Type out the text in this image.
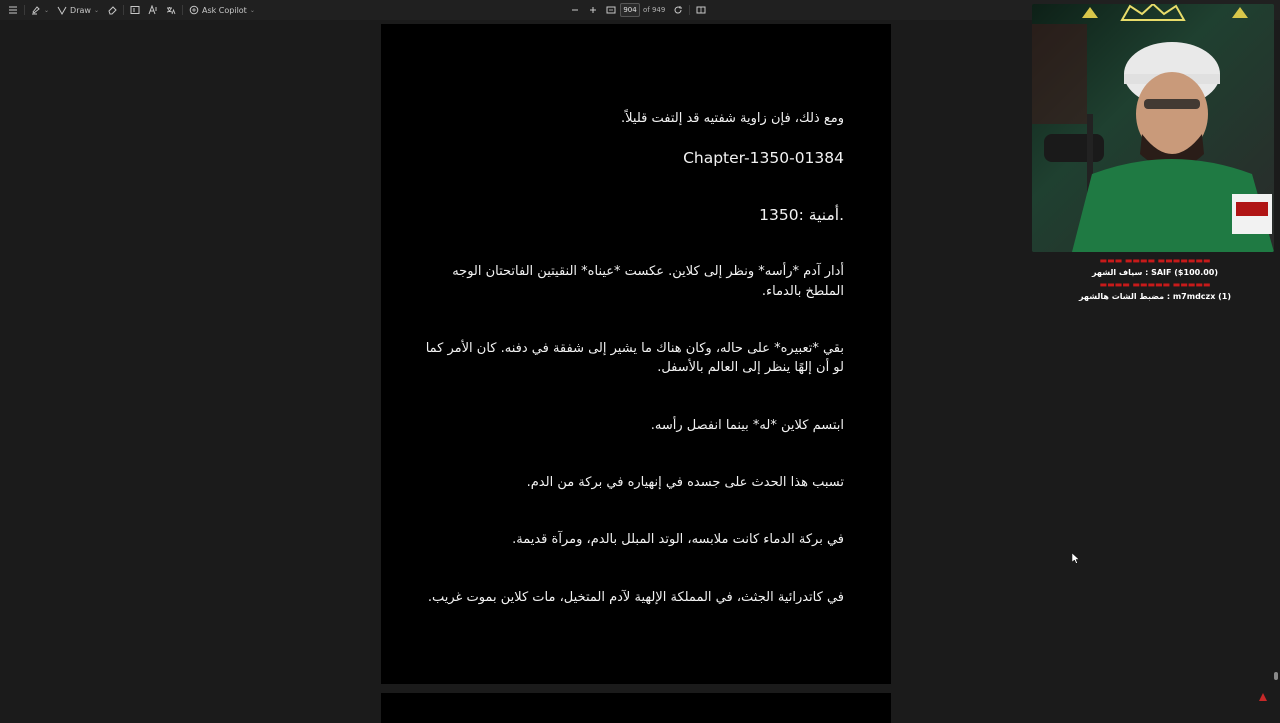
⌄	Draw ⌄	Ask Copilot ⌄	904 of 949
ومع ذلك، فإن زاوية شفتيه قد إلتفت قليلاً.
Chapter-1350-01384
1350: أمنية.
أدار آدم *رأسه* ونظر إلى كلاين. عكست *عيناه* النقيتين الفاتحتان الوجه
الملطخ بالدماء.
بقي *تعبيره* على حاله، وكان هناك ما يشير إلى شفقة في دفنه. كان الأمر كما
لو أن إلهًا ينظر إلى العالم بالأسفل.
ابتسم كلاين *له* بينما انفصل رأسه.
تسبب هذا الحدث على جسده في إنهياره في بركة من الدم.
في بركة الدماء كانت ملابسه، الوتد المبلل بالدم، ومرآة قديمة.
في كاتدرائية الجثث، في المملكة الإلهية لآدم المتخيل، مات كلاين بموت غريب.
▬▬▬▬▬▬▬ ▬▬▬▬ ▬▬▬
SAIF ($100.00) : سياف الشهر
▬▬▬▬▬ ▬▬▬▬▬ ▬▬▬▬
m7mdczx (1) : مضبط الشات هالشهر
